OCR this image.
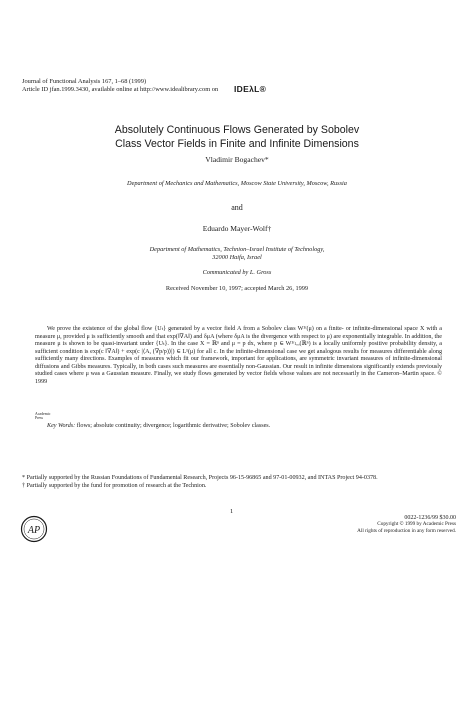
Journal of Functional Analysis 167, 1–68 (1999)
Article ID jfan.1999.3430, available online at http://www.idealibrary.com on	IDEλL®
Absolutely Continuous Flows Generated by Sobolev
Class Vector Fields in Finite and Infinite Dimensions
Vladimir Bogachev*
Department of Mechanics and Mathematics, Moscow State University, Moscow, Russia
and
Eduardo Mayer-Wolf†
Department of Mathematics, Technion–Israel Institute of Technology,
32000 Haifa, Israel
Communicated by L. Gross
Received November 10, 1997; accepted March 26, 1999
We prove the existence of the global flow {Uₜ} generated by a vector field A from a Sobolev class W¹ʳ(μ) on a finite- or infinite-dimensional space X with a measure μ, provided μ is sufficiently smooth and that exp(‖∇A‖) and δμA (where δμA is the divergence with respect to μ) are exponentially integrable. In addition, the measure μ is shown to be quasi-invariant under {Uₜ}. In the case X = ℝⁿ and μ = p dx, where p ∈ W¹ʳₗₒₒ(ℝⁿ) is a locally uniformly positive probability density, a sufficient condition is exp(c ‖∇A‖) + exp(c |⟨A, (∇p/p)⟩|) ∈ L¹(μ) for all c. In the infinite-dimensional case we get analogous results for measures differentiable along sufficiently many directions. Examples of measures which fit our framework, important for applications, are symmetric invariant measures of infinite-dimensional diffusions and Gibbs measures. Typically, in both cases such measures are essentially non-Gaussian. Our result in infinite dimensions significantly extends previously studied cases where μ was a Gaussian measure. Finally, we study flows generated by vector fields whose values are not necessarily in the Cameron–Martin space. © 1999
Academic
Press
Key Words: flows; absolute continuity; divergence; logarithmic derivative; Sobolev classes.
* Partially supported by the Russian Foundations of Fundamental Research, Projects 96-15-96865 and 97-01-00932, and INTAS Project 94-0378.
† Partially supported by the fund for promotion of research at the Technion.
1
AP
0022-1236/99 $30.00
Copyright © 1999 by Academic Press
All rights of reproduction in any form reserved.
